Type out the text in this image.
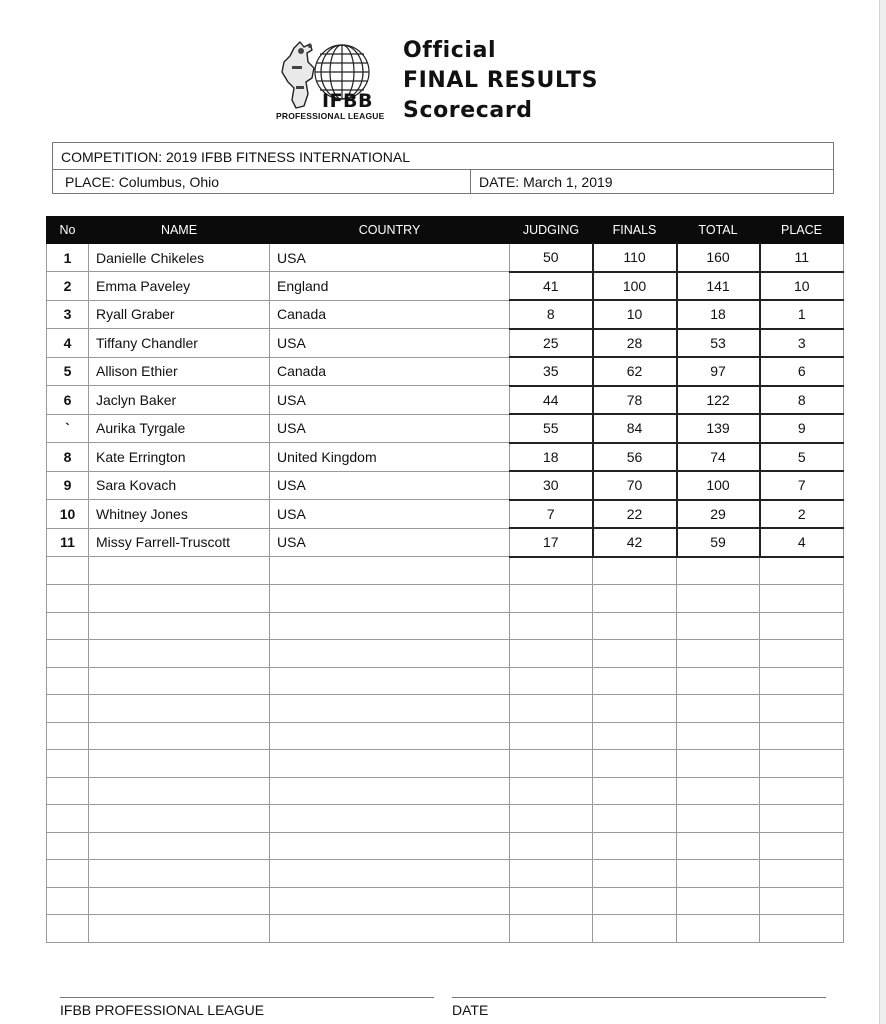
IFBB
PROFESSIONAL LEAGUE
Official
FINAL RESULTS
Scorecard
COMPETITION: 2019 IFBB FITNESS INTERNATIONAL
PLACE: Columbus, Ohio	DATE: March 1, 2019
No	NAME	COUNTRY	JUDGING	FINALS	TOTAL	PLACE
1	Danielle Chikeles	USA	50	110	160	11
2	Emma Paveley	England	41	100	141	10
3	Ryall Graber	Canada	8	10	18	1
4	Tiffany Chandler	USA	25	28	53	3
5	Allison Ethier	Canada	35	62	97	6
6	Jaclyn Baker	USA	44	78	122	8
`	Aurika Tyrgale	USA	55	84	139	9
8	Kate Errington	United Kingdom	18	56	74	5
9	Sara Kovach	USA	30	70	100	7
10	Whitney Jones	USA	7	22	29	2
11	Missy Farrell-Truscott	USA	17	42	59	4

IFBB PROFESSIONAL LEAGUE	DATE
